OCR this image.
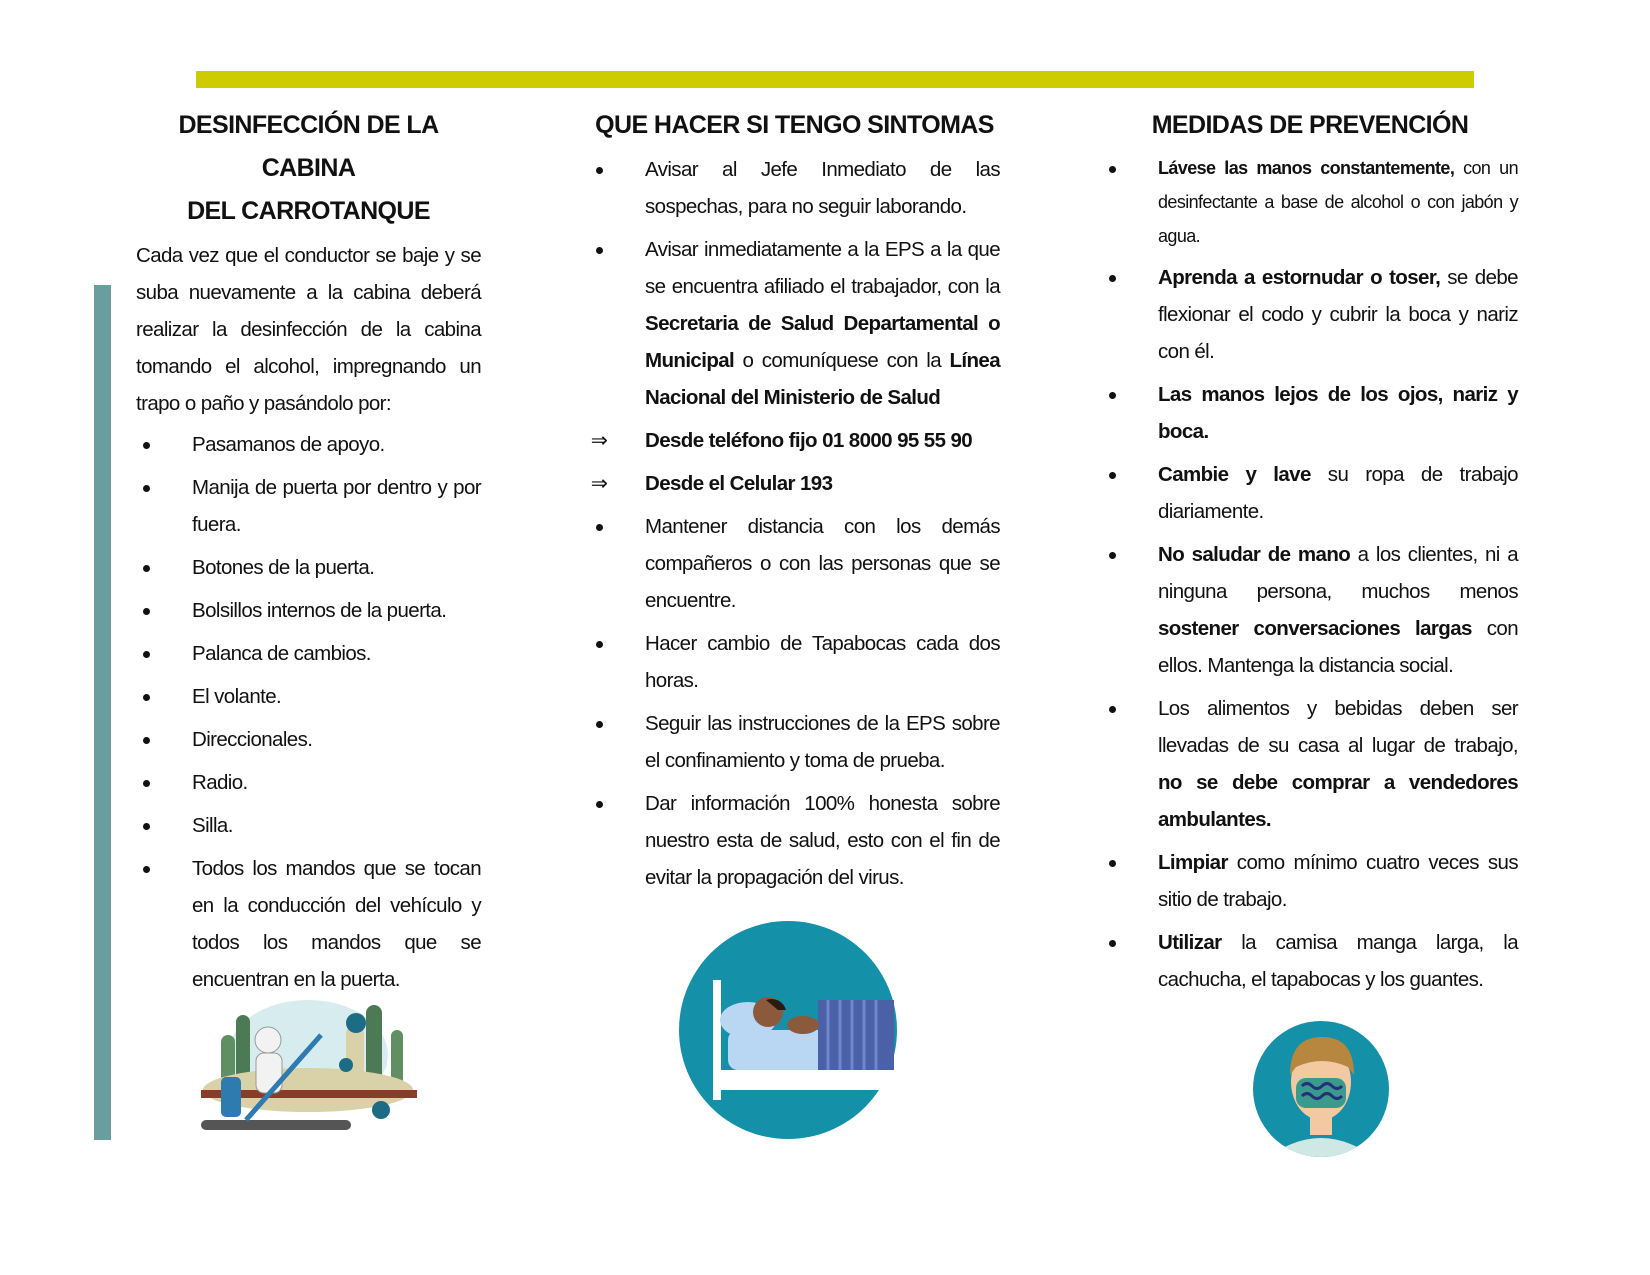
DESINFECCIÓN DE LA CABINA
DEL CARROTANQUE

Cada vez que el conductor se baje y se suba nuevamente a la cabina deberá realizar la desinfección de la cabina tomando el alcohol, impregnando un trapo o paño y pasándolo por:

Pasamanos de apoyo.
Manija de puerta por dentro y por fuera.
Botones de la puerta.
Bolsillos internos de la puerta.
Palanca de cambios.
El volante.
Direccionales.
Radio.
Silla.
Todos los mandos que se tocan en la conducción del vehículo y todos los mandos que se encuentran en la puerta.
QUE HACER SI TENGO SINTOMAS
Avisar al Jefe Inmediato de las sospechas, para no seguir laborando.
Avisar inmediatamente a la EPS a la que se encuentra afiliado el trabajador, con la Secretaria de Salud Departamental o Municipal o comuníquese con la Línea Nacional del Ministerio de Salud
⇒ Desde teléfono fijo 01 8000 95 55 90
⇒ Desde el Celular 193
Mantener distancia con los demás compañeros o con las personas que se encuentre.
Hacer cambio de Tapabocas cada dos horas.
Seguir las instrucciones de la EPS sobre el confinamiento y toma de prueba.
Dar información 100% honesta sobre nuestro esta de salud, esto con el fin de evitar la propagación del virus.
MEDIDAS DE PREVENCIÓN
Lávese las manos constantemente, con un desinfectante a base de alcohol o con jabón y agua.
Aprenda a estornudar o toser, se debe flexionar el codo y cubrir la boca y nariz con él.
Las manos lejos de los ojos, nariz y boca.
Cambie y lave su ropa de trabajo diariamente.
No saludar de mano a los clientes, ni a ninguna persona, muchos menos sostener conversaciones largas con ellos. Mantenga la distancia social.
Los alimentos y bebidas deben ser llevadas de su casa al lugar de trabajo, no se debe comprar a vendedores ambulantes.
Limpiar como mínimo cuatro veces sus sitio de trabajo.
Utilizar la camisa manga larga, la cachucha, el tapabocas y los guantes.
